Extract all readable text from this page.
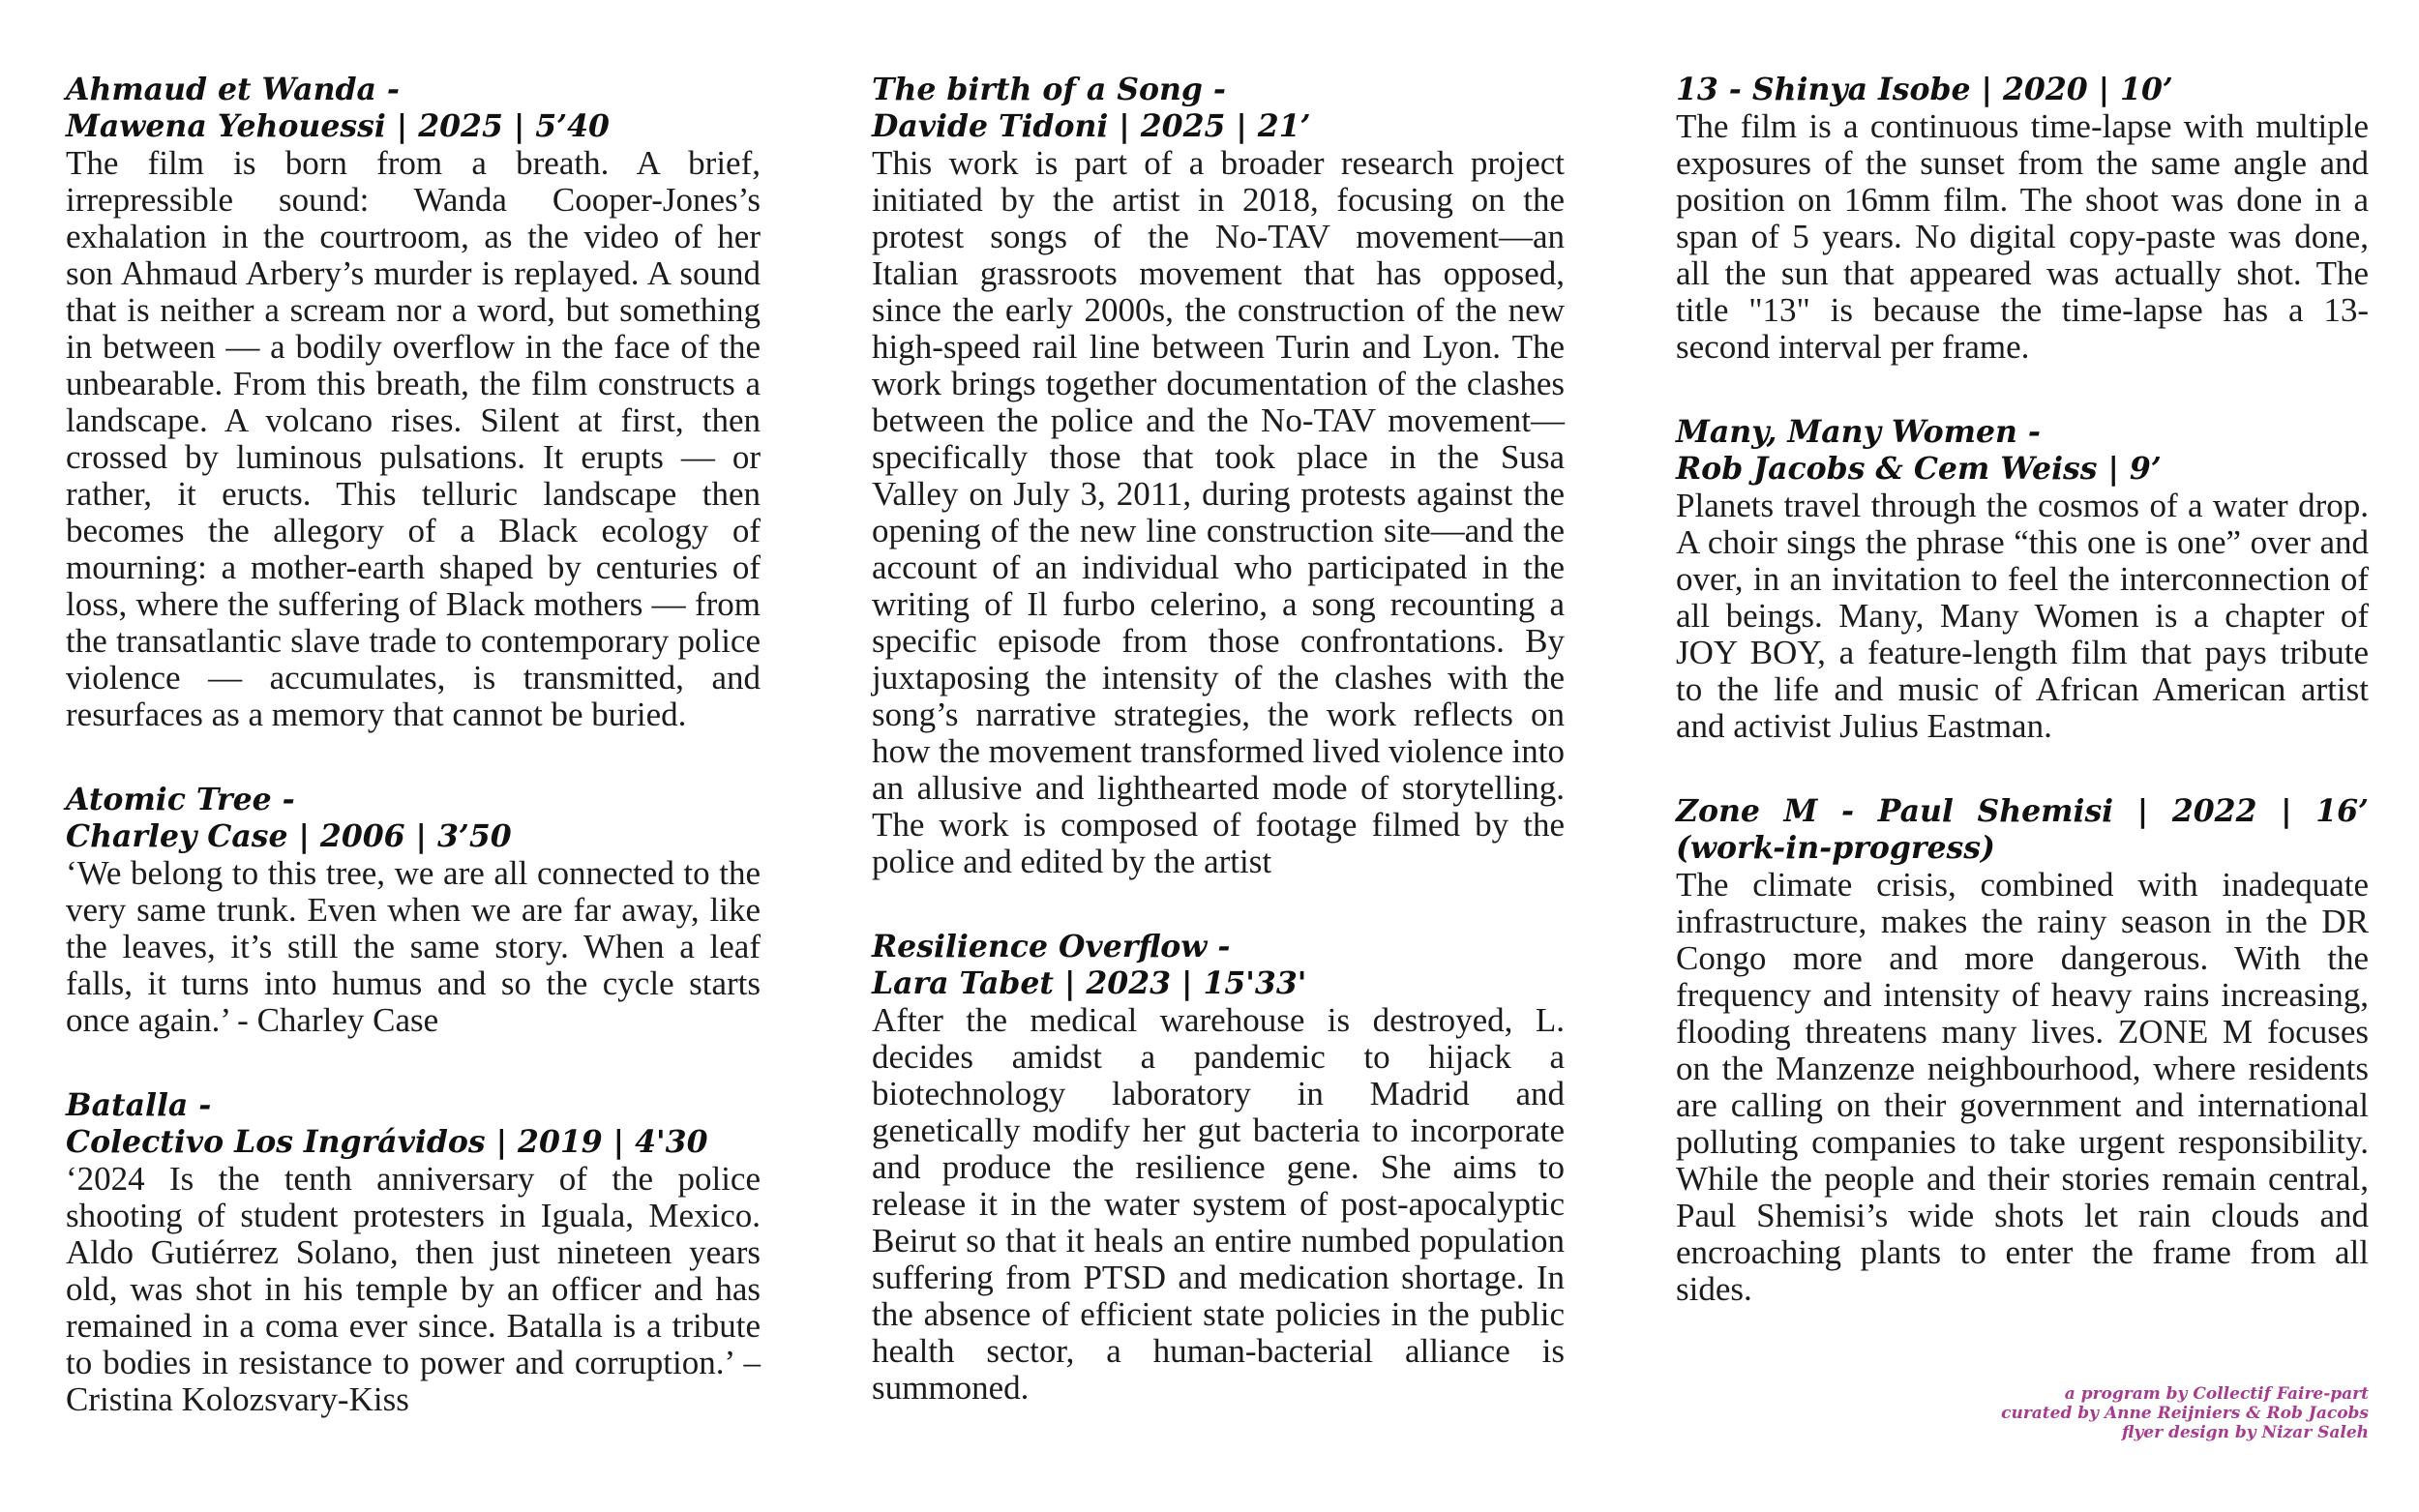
Ahmaud et Wanda -
Mawena Yehouessi | 2025 | 5’40

The film is born from a breath. A brief, irrepressible sound: Wanda Cooper-Jones’s exhalation in the courtroom, as the video of her son Ahmaud Arbery’s murder is replayed. A sound that is neither a scream nor a word, but something in between — a bodily overflow in the face of the unbearable. From this breath, the film constructs a landscape. A volcano rises. Silent at first, then crossed by luminous pulsations. It erupts — or rather, it eructs. This telluric landscape then becomes the allegory of a Black ecology of mourning: a mother-earth shaped by centuries of loss, where the suffering of Black mothers — from the transatlantic slave trade to contemporary police violence — accumulates, is transmitted, and resurfaces as a memory that cannot be buried.

Atomic Tree -
Charley Case | 2006 | 3’50

‘We belong to this tree, we are all connected to the very same trunk. Even when we are far away, like the leaves, it’s still the same story. When a leaf falls, it turns into humus and so the cycle starts once again.’ - Charley Case

Batalla -
Colectivo Los Ingrávidos | 2019 | 4'30

‘2024 Is the tenth anniversary of the police shooting of student protesters in Iguala, Mexico. Aldo Gutiérrez Solano, then just nineteen years old, was shot in his temple by an officer and has remained in a coma ever since. Batalla is a tribute to bodies in resistance to power and corruption.’ – Cristina Kolozsvary-Kiss

The birth of a Song -
Davide Tidoni | 2025 | 21’

This work is part of a broader research project initiated by the artist in 2018, focusing on the protest songs of the No-TAV movement—an Italian grassroots movement that has opposed, since the early 2000s, the construction of the new high-speed rail line between Turin and Lyon. The work brings together documentation of the clashes between the police and the No-TAV movement—specifically those that took place in the Susa Valley on July 3, 2011, during protests against the opening of the new line construction site—and the account of an individual who participated in the writing of Il furbo celerino, a song recounting a specific episode from those confrontations. By juxtaposing the intensity of the clashes with the song’s narrative strategies, the work reflects on how the movement transformed lived violence into an allusive and lighthearted mode of storytelling. The work is composed of footage filmed by the police and edited by the artist

Resilience Overflow -
Lara Tabet | 2023 | 15'33'

After the medical warehouse is destroyed, L. decides amidst a pandemic to hijack a biotechnology laboratory in Madrid and genetically modify her gut bacteria to incorporate and produce the resilience gene. She aims to release it in the water system of post-apocalyptic Beirut so that it heals an entire numbed population suffering from PTSD and medication shortage. In the absence of efficient state policies in the public health sector, a human-bacterial alliance is summoned.

13 - Shinya Isobe | 2020 | 10’

The film is a continuous time-lapse with multiple exposures of the sunset from the same angle and position on 16mm film. The shoot was done in a span of 5 years. No digital copy-paste was done, all the sun that appeared was actually shot. The title "13" is because the time-lapse has a 13-second interval per frame.

Many, Many Women -
Rob Jacobs & Cem Weiss | 9’

Planets travel through the cosmos of a water drop. A choir sings the phrase “this one is one” over and over, in an invitation to feel the interconnection of all beings. Many, Many Women is a chapter of JOY BOY, a feature-length film that pays tribute to the life and music of African American artist and activist Julius Eastman.

Zone M - Paul Shemisi | 2022 | 16’ (work-in-progress)

The climate crisis, combined with inadequate infrastructure, makes the rainy season in the DR Congo more and more dangerous. With the frequency and intensity of heavy rains increasing, flooding threatens many lives. ZONE M focuses on the Manzenze neighbourhood, where residents are calling on their government and international polluting companies to take urgent responsibility. While the people and their stories remain central, Paul Shemisi’s wide shots let rain clouds and encroaching plants to enter the frame from all sides.

a program by Collectif Faire-part
curated by Anne Reijniers & Rob Jacobs
flyer design by Nizar Saleh
